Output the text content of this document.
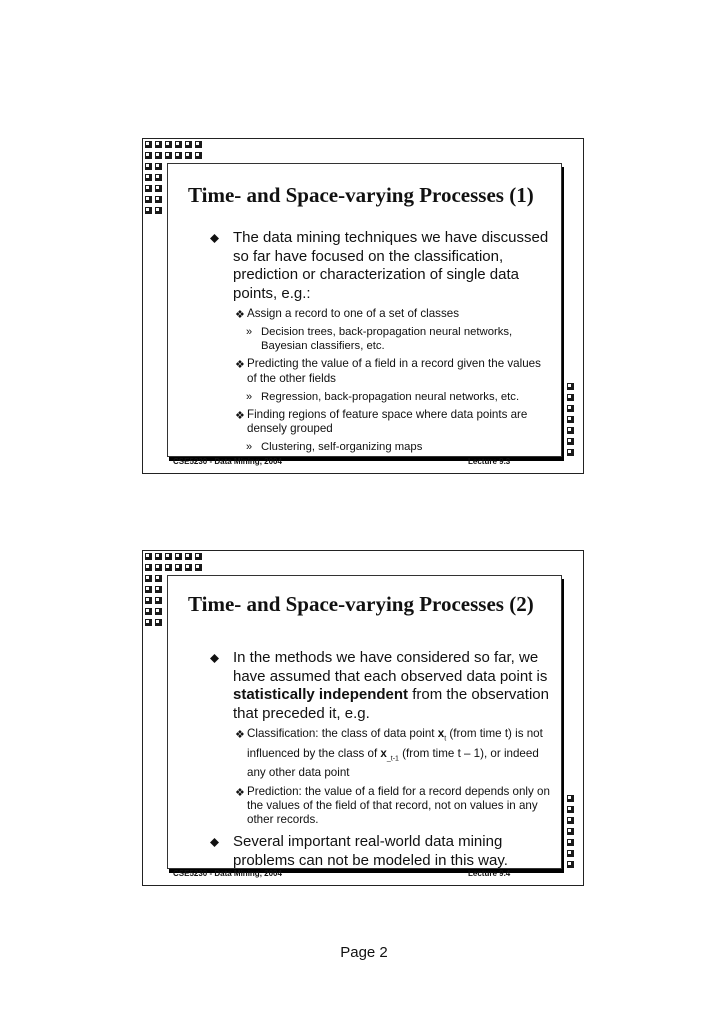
Time- and Space-varying Processes (1)
The data mining techniques we have discussed so far have focused on the classification, prediction or characterization of single data points, e.g.:
❖ Assign a record to one of a set of classes
» Decision trees, back-propagation neural networks, Bayesian classifiers, etc.
❖ Predicting the value of a field in a record given the values of the other fields
» Regression, back-propagation neural networks, etc.
❖ Finding regions of feature space where data points are densely grouped
» Clustering, self-organizing maps
CSE5230 - Data Mining, 2004	Lecture 9.3
Time- and Space-varying Processes (2)
In the methods we have considered so far, we have assumed that each observed data point is statistically independent from the observation that preceded it, e.g.
❖ Classification: the class of data point $x_t$ (from time t) is not influenced by the class of $x_{\_t-1}$ (from time t – 1), or indeed any other data point
❖ Prediction: the value of a field for a record depends only on the values of the field of that record, not on values in any other records.
Several important real-world data mining problems can not be modeled in this way.
CSE5230 - Data Mining, 2004	Lecture 9.4
Page 2
